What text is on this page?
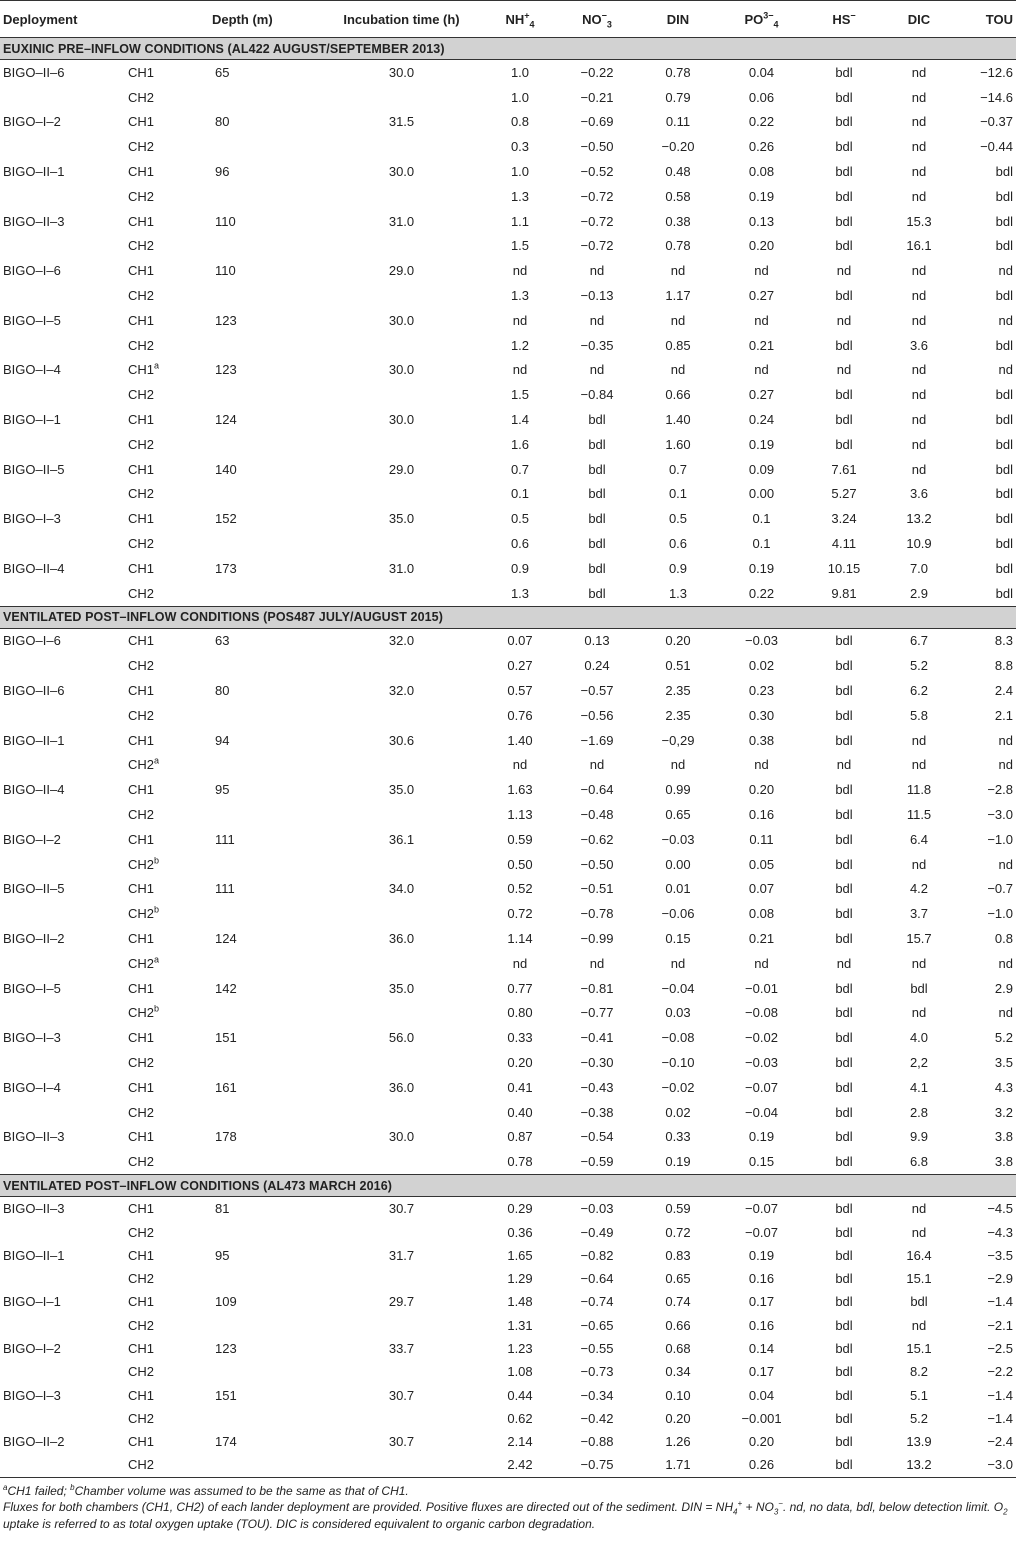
Deployment		Depth (m)	Incubation time (h)	$NH^+_4$	$NO^-_3$	DIN	$PO^{3-}_4$	HS−	DIC	TOU
EUXINIC PRE–INFLOW CONDITIONS (AL422 AUGUST/SEPTEMBER 2013)										
BIGO–II–6	CH1	65	30.0	1.0	−0.22	0.78	0.04	bdl	nd	−12.6
	CH2			1.0	−0.21	0.79	0.06	bdl	nd	−14.6
BIGO–I–2	CH1	80	31.5	0.8	−0.69	0.11	0.22	bdl	nd	−0.37
	CH2			0.3	−0.50	−0.20	0.26	bdl	nd	−0.44
BIGO–II–1	CH1	96	30.0	1.0	−0.52	0.48	0.08	bdl	nd	bdl
	CH2			1.3	−0.72	0.58	0.19	bdl	nd	bdl
BIGO–II–3	CH1	110	31.0	1.1	−0.72	0.38	0.13	bdl	15.3	bdl
	CH2			1.5	−0.72	0.78	0.20	bdl	16.1	bdl
BIGO–I–6	CH1	110	29.0	nd	nd	nd	nd	nd	nd	nd
	CH2			1.3	−0.13	1.17	0.27	bdl	nd	bdl
BIGO–I–5	CH1	123	30.0	nd	nd	nd	nd	nd	nd	nd
	CH2			1.2	−0.35	0.85	0.21	bdl	3.6	bdl
BIGO–I–4	CH1$^a$	123	30.0	nd	nd	nd	nd	nd	nd	nd
	CH2			1.5	−0.84	0.66	0.27	bdl	nd	bdl
BIGO–I–1	CH1	124	30.0	1.4	bdl	1.40	0.24	bdl	nd	bdl
	CH2			1.6	bdl	1.60	0.19	bdl	nd	bdl
BIGO–II–5	CH1	140	29.0	0.7	bdl	0.7	0.09	7.61	nd	bdl
	CH2			0.1	bdl	0.1	0.00	5.27	3.6	bdl
BIGO–I–3	CH1	152	35.0	0.5	bdl	0.5	0.1	3.24	13.2	bdl
	CH2			0.6	bdl	0.6	0.1	4.11	10.9	bdl
BIGO–II–4	CH1	173	31.0	0.9	bdl	0.9	0.19	10.15	7.0	bdl
	CH2			1.3	bdl	1.3	0.22	9.81	2.9	bdl
VENTILATED POST–INFLOW CONDITIONS (POS487 JULY/AUGUST 2015)										
BIGO–I–6	CH1	63	32.0	0.07	0.13	0.20	−0.03	bdl	6.7	8.3
	CH2			0.27	0.24	0.51	0.02	bdl	5.2	8.8
BIGO–II–6	CH1	80	32.0	0.57	−0.57	2.35	0.23	bdl	6.2	2.4
	CH2			0.76	−0.56	2.35	0.30	bdl	5.8	2.1
BIGO–II–1	CH1	94	30.6	1.40	−1.69	−0,29	0.38	bdl	nd	nd
	CH2$^a$			nd	nd	nd	nd	nd	nd	nd
BIGO–II–4	CH1	95	35.0	1.63	−0.64	0.99	0.20	bdl	11.8	−2.8
	CH2			1.13	−0.48	0.65	0.16	bdl	11.5	−3.0
BIGO–I–2	CH1	111	36.1	0.59	−0.62	−0.03	0.11	bdl	6.4	−1.0
	CH2$^b$			0.50	−0.50	0.00	0.05	bdl	nd	nd
BIGO–II–5	CH1	111	34.0	0.52	−0.51	0.01	0.07	bdl	4.2	−0.7
	CH2$^b$			0.72	−0.78	−0.06	0.08	bdl	3.7	−1.0
BIGO–II–2	CH1	124	36.0	1.14	−0.99	0.15	0.21	bdl	15.7	0.8
	CH2$^a$			nd	nd	nd	nd	nd	nd	nd
BIGO–I–5	CH1	142	35.0	0.77	−0.81	−0.04	−0.01	bdl	bdl	2.9
	CH2$^b$			0.80	−0.77	0.03	−0.08	bdl	nd	nd
BIGO–I–3	CH1	151	56.0	0.33	−0.41	−0.08	−0.02	bdl	4.0	5.2
	CH2			0.20	−0.30	−0.10	−0.03	bdl	2,2	3.5
BIGO–I–4	CH1	161	36.0	0.41	−0.43	−0.02	−0.07	bdl	4.1	4.3
	CH2			0.40	−0.38	0.02	−0.04	bdl	2.8	3.2
BIGO–II–3	CH1	178	30.0	0.87	−0.54	0.33	0.19	bdl	9.9	3.8
	CH2			0.78	−0.59	0.19	0.15	bdl	6.8	3.8
VENTILATED POST–INFLOW CONDITIONS (AL473 MARCH 2016)										
BIGO–II–3	CH1	81	30.7	0.29	−0.03	0.59	−0.07	bdl	nd	−4.5
	CH2			0.36	−0.49	0.72	−0.07	bdl	nd	−4.3
BIGO–II–1	CH1	95	31.7	1.65	−0.82	0.83	0.19	bdl	16.4	−3.5
	CH2			1.29	−0.64	0.65	0.16	bdl	15.1	−2.9
BIGO–I–1	CH1	109	29.7	1.48	−0.74	0.74	0.17	bdl	bdl	−1.4
	CH2			1.31	−0.65	0.66	0.16	bdl	nd	−2.1
BIGO–I–2	CH1	123	33.7	1.23	−0.55	0.68	0.14	bdl	15.1	−2.5
	CH2			1.08	−0.73	0.34	0.17	bdl	8.2	−2.2
BIGO–I–3	CH1	151	30.7	0.44	−0.34	0.10	0.04	bdl	5.1	−1.4
	CH2			0.62	−0.42	0.20	−0.001	bdl	5.2	−1.4
BIGO–II–2	CH1	174	30.7	2.14	−0.88	1.26	0.20	bdl	13.9	−2.4
	CH2			2.42	−0.75	1.71	0.26	bdl	13.2	−3.0

$^a$CH1 failed; $^b$Chamber volume was assumed to be the same as that of CH1.

Fluxes for both chambers (CH1, CH2) of each lander deployment are provided. Positive fluxes are directed out of the sediment. DIN = $NH_4^+ + NO_3^-$. nd, no data, bdl, below detection limit. $O_2$ uptake is referred to as total oxygen uptake (TOU). DIC is considered equivalent to organic carbon degradation.
